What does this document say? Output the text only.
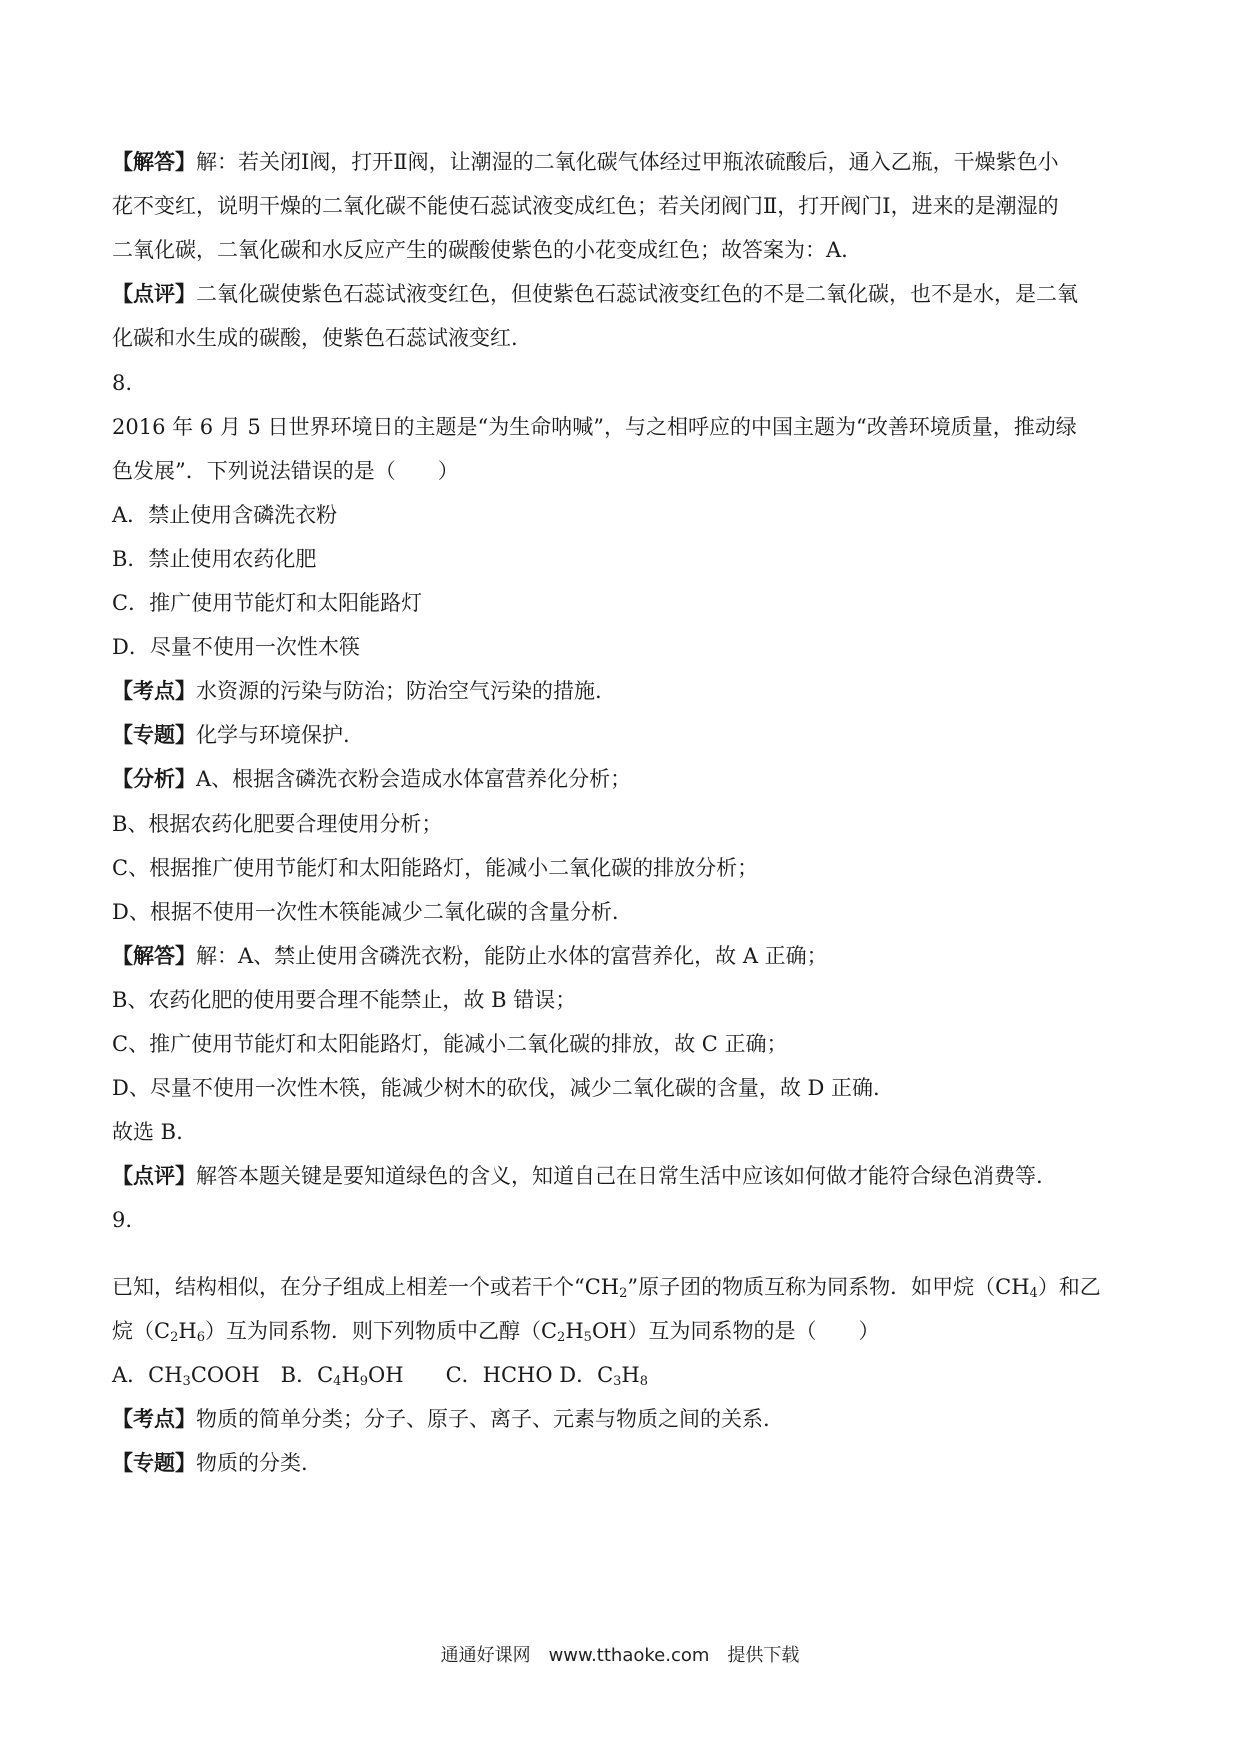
【解答】解：若关闭Ⅰ阀，打开Ⅱ阀，让潮湿的二氧化碳气体经过甲瓶浓硫酸后，通入乙瓶，干燥紫色小
花不变红，说明干燥的二氧化碳不能使石蕊试液变成红色；若关闭阀门Ⅱ，打开阀门Ⅰ，进来的是潮湿的
二氧化碳，二氧化碳和水反应产生的碳酸使紫色的小花变成红色；故答案为：A.
【点评】二氧化碳使紫色石蕊试液变红色，但使紫色石蕊试液变红色的不是二氧化碳，也不是水，是二氧
化碳和水生成的碳酸，使紫色石蕊试液变红.
8.
2016 年 6 月 5 日世界环境日的主题是“为生命呐喊”，与之相呼应的中国主题为“改善环境质量，推动绿
色发展”．下列说法错误的是（　　）
A．禁止使用含磷洗衣粉
B．禁止使用农药化肥
C．推广使用节能灯和太阳能路灯
D．尽量不使用一次性木筷
【考点】水资源的污染与防治；防治空气污染的措施.
【专题】化学与环境保护.
【分析】A、根据含磷洗衣粉会造成水体富营养化分析；
B、根据农药化肥要合理使用分析；
C、根据推广使用节能灯和太阳能路灯，能减小二氧化碳的排放分析；
D、根据不使用一次性木筷能减少二氧化碳的含量分析.
【解答】解：A、禁止使用含磷洗衣粉，能防止水体的富营养化，故 A 正确；
B、农药化肥的使用要合理不能禁止，故 B 错误；
C、推广使用节能灯和太阳能路灯，能减小二氧化碳的排放，故 C 正确；
D、尽量不使用一次性木筷，能减少树木的砍伐，减少二氧化碳的含量，故 D 正确.
故选 B.
【点评】解答本题关键是要知道绿色的含义，知道自己在日常生活中应该如何做才能符合绿色消费等.
9.
已知，结构相似，在分子组成上相差一个或若干个“$CH_2$”原子团的物质互称为同系物．如甲烷$(CH_4)$和乙
烷$(C_2H_6)$互为同系物．则下列物质中乙醇$(C_2H_5OH)$互为同系物的是（　　）
A．$CH_3COOH$　B．$C_4H_9OH$　　C．HCHO D．$C_3H_8$
【考点】物质的简单分类；分子、原子、离子、元素与物质之间的关系.
【专题】物质的分类.
通通好课网　www.tthaoke.com　提供下载
